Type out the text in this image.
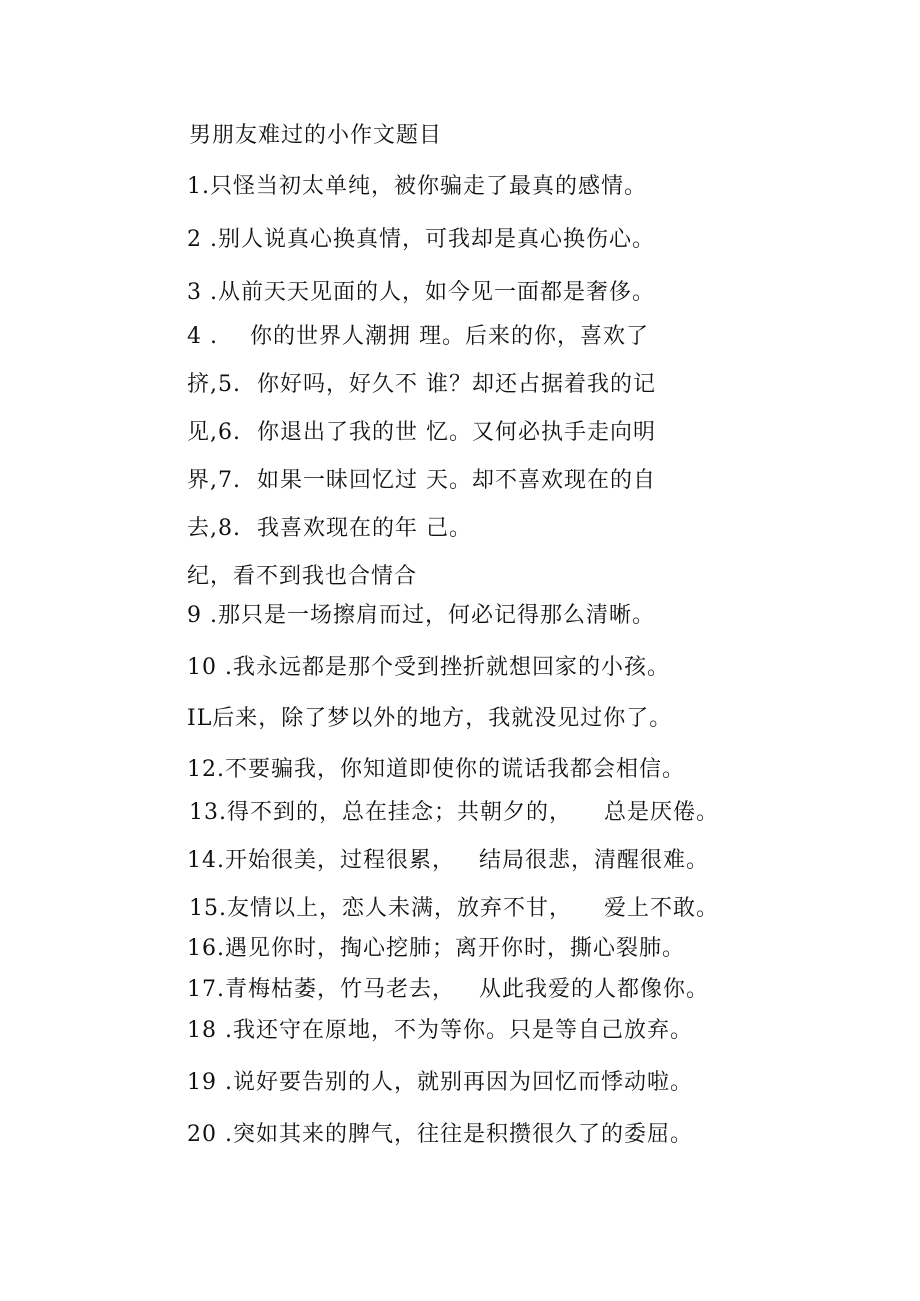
男朋友难过的小作文题目
1.只怪当初太单纯，被你骗走了最真的感情。
2 .别人说真心换真情，可我却是真心换伤心。
3 .从前天天见面的人，如今见一面都是奢侈。
4 .    你的世界人潮拥 理。后来的你，喜欢了
挤,5.  你好吗，好久不 谁？却还占据着我的记
见,6.  你退出了我的世 忆。又何必执手走向明
界,7.  如果一昧回忆过 天。却不喜欢现在的自
去,8.  我喜欢现在的年 己。
纪，看不到我也合情合
9 .那只是一场擦肩而过，何必记得那么清晰。
10 .我永远都是那个受到挫折就想回家的小孩。
IL后来，除了梦以外的地方，我就没见过你了。
12.不要骗我，你知道即使你的谎话我都会相信。
13.得不到的，总在挂念；共朝夕的，    总是厌倦。
14.开始很美，过程很累，   结局很悲，清醒很难。
15.友情以上，恋人未满，放弃不甘，    爱上不敢。
16.遇见你时，掏心挖肺；离开你时，撕心裂肺。
17.青梅枯萎，竹马老去，   从此我爱的人都像你。
18 .我还守在原地，不为等你。只是等自己放弃。
19 .说好要告别的人，就别再因为回忆而悸动啦。
20 .突如其来的脾气，往往是积攒很久了的委屈。
